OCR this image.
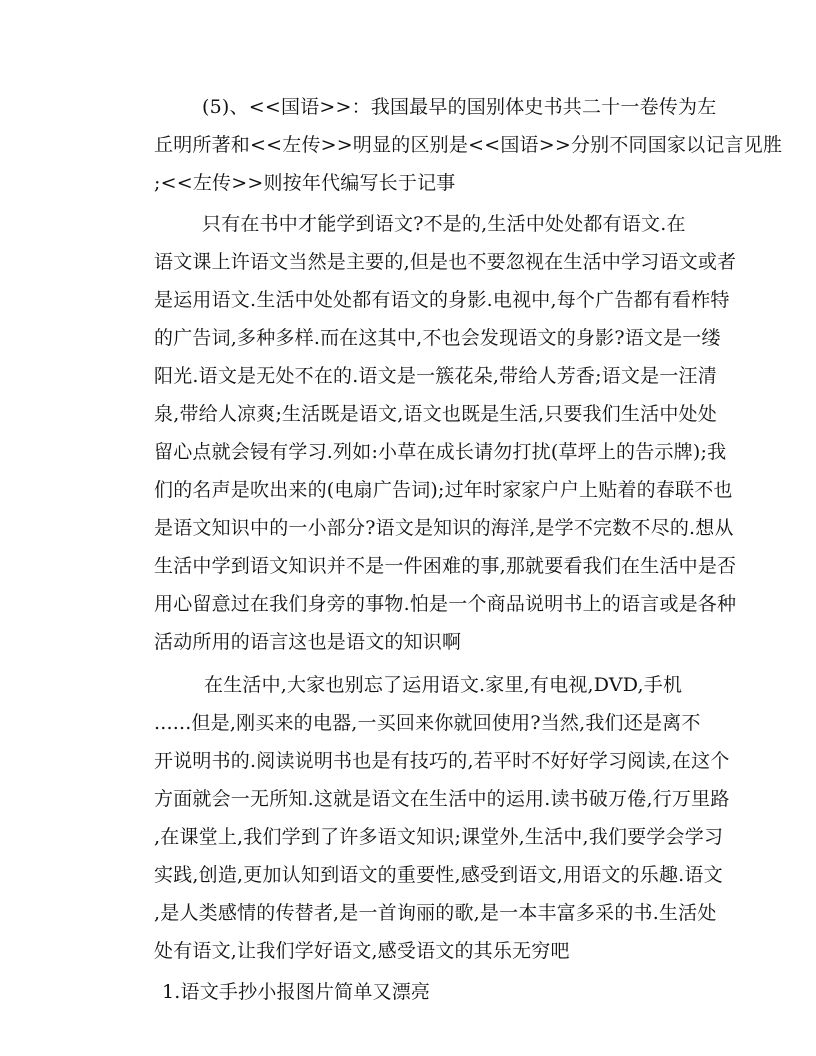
(5)、<<国语>>：我国最早的国别体史书共二十一卷传为左
丘明所著和<<左传>>明显的区别是<<国语>>分别不同国家以记言见胜
;<<左传>>则按年代编写长于记事
只有在书中才能学到语文?不是的,生活中处处都有语文.在
语文课上许语文当然是主要的,但是也不要忽视在生活中学习语文或者
是运用语文.生活中处处都有语文的身影.电视中,每个广告都有看柞特
的广告词,多种多样.而在这其中,不也会发现语文的身影?语文是一缕
阳光.语文是无处不在的.语文是一簇花朵,带给人芳香;语文是一汪清
泉,带给人凉爽;生活既是语文,语文也既是生活,只要我们生活中处处
留心点就会锓有学习.列如:小草在成长请勿打扰(草坪上的告示牌);我
们的名声是吹出来的(电扇广告词);过年时家家户户上贴着的春联不也
是语文知识中的一小部分?语文是知识的海洋,是学不完数不尽的.想从
生活中学到语文知识并不是一件困难的事,那就要看我们在生活中是否
用心留意过在我们身旁的事物.怕是一个商品说明书上的语言或是各种
活动所用的语言这也是语文的知识啊
在生活中,大家也别忘了运用语文.家里,有电视,DVD,手机
......但是,刚买来的电器,一买回来你就回使用?当然,我们还是离不
开说明书的.阅读说明书也是有技巧的,若平时不好好学习阅读,在这个
方面就会一无所知.这就是语文在生活中的运用.读书破万倦,行万里路
,在课堂上,我们学到了许多语文知识;课堂外,生活中,我们要学会学习
实践,创造,更加认知到语文的重要性,感受到语文,用语文的乐趣.语文
,是人类感情的传替者,是一首询丽的歌,是一本丰富多采的书.生活处
处有语文,让我们学好语文,感受语文的其乐无穷吧
1.语文手抄小报图片简单又漂亮
